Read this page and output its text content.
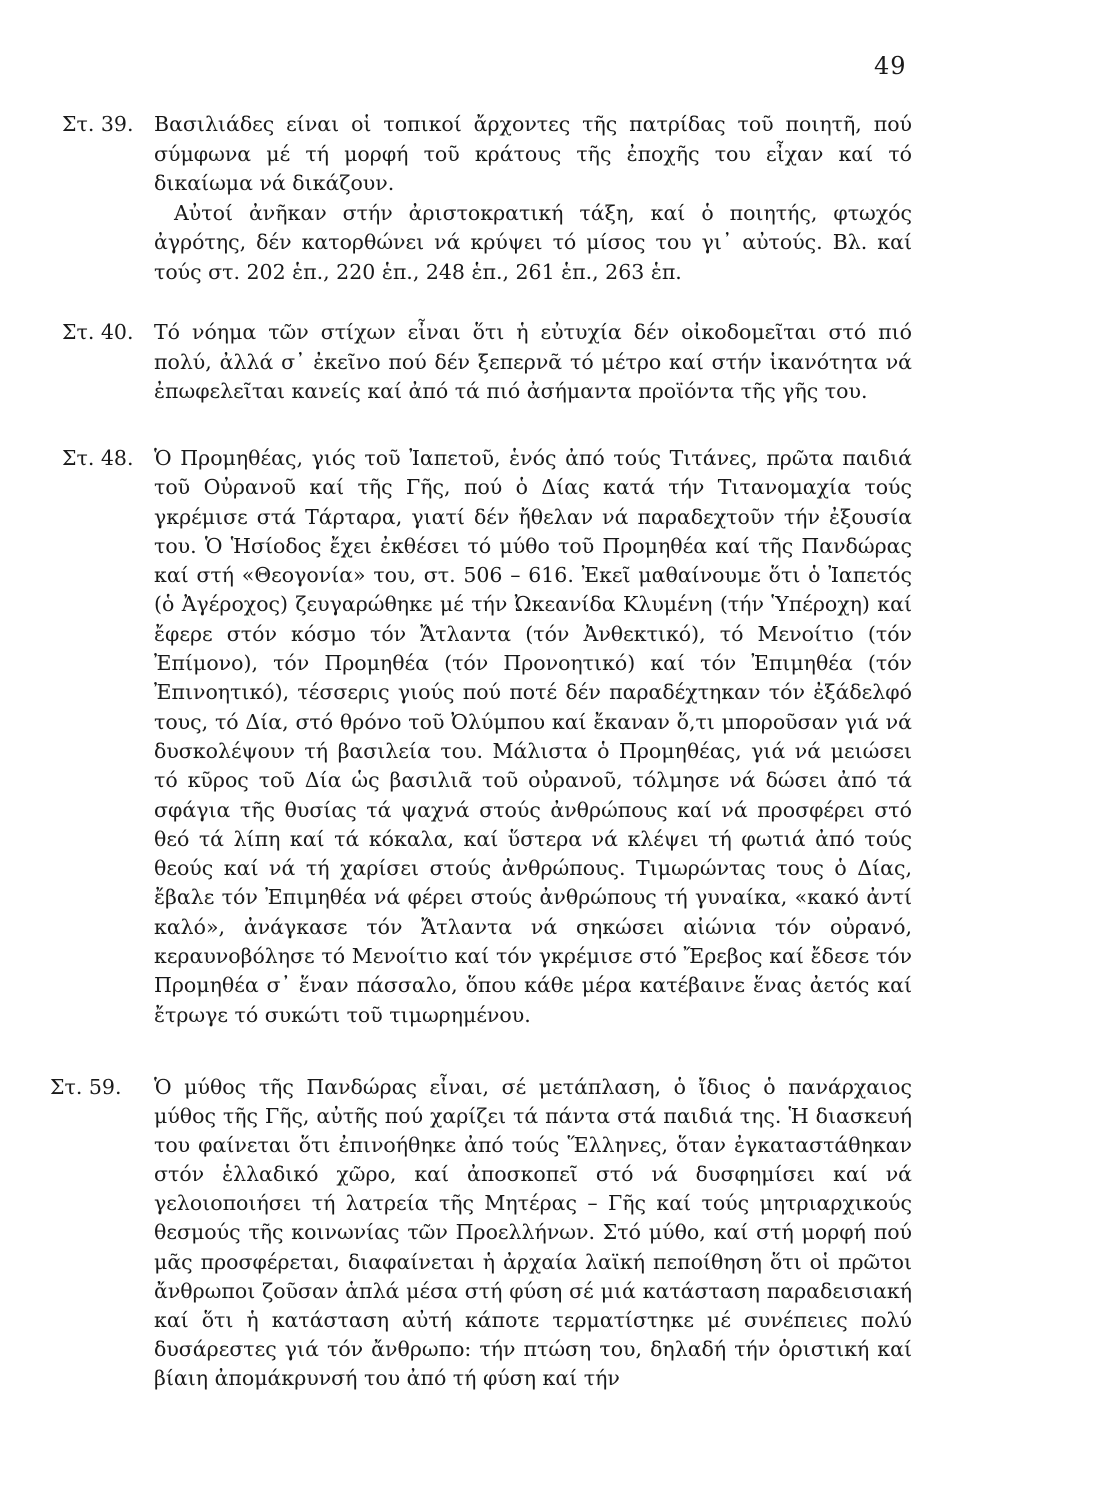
49
Στ. 39. Βασιλιάδες είναι οἱ τοπικοί ἄρχοντες τῆς πατρίδας τοῦ ποιητῆ, πού σύμφωνα μέ τή μορφή τοῦ κράτους τῆς ἐποχῆς του εἶχαν καί τό δικαίωμα νά δικάζουν.

Αὐτοί ἀνῆκαν στήν ἀριστοκρατική τάξη, καί ὁ ποιητής, φτωχός ἀγρότης, δέν κατορθώνει νά κρύψει τό μίσος του γι᾿ αὐτούς. Βλ. καί τούς στ. 202 ἑπ., 220 ἑπ., 248 ἑπ., 261 ἑπ., 263 ἑπ.

Στ. 40. Τό νόημα τῶν στίχων εἶναι ὅτι ἡ εὐτυχία δέν οἰκοδομεῖται στό πιό πολύ, ἀλλά σ᾿ ἐκεῖνο πού δέν ξεπερνᾶ τό μέτρο καί στήν ἱκανότητα νά ἐπωφελεῖται κανείς καί ἀπό τά πιό ἀσήμαντα προϊόντα τῆς γῆς του.

Στ. 48. Ὁ Προμηθέας, γιός τοῦ Ἰαπετοῦ, ἑνός ἀπό τούς Τιτάνες, πρῶτα παιδιά τοῦ Οὐρανοῦ καί τῆς Γῆς, πού ὁ Δίας κατά τήν Τιτανομαχία τούς γκρέμισε στά Τάρταρα, γιατί δέν ἤθελαν νά παραδεχτοῦν τήν ἐξουσία του. Ὁ Ἡσίοδος ἔχει ἐκθέσει τό μύθο τοῦ Προμηθέα καί τῆς Πανδώρας καί στή «Θεογονία» του, στ. 506 – 616. Ἐκεῖ μαθαίνουμε ὅτι ὁ Ἰαπετός (ὁ Ἀγέροχος) ζευγαρώθηκε μέ τήν Ὠκεανίδα Κλυμένη (τήν Ὑπέροχη) καί ἔφερε στόν κόσμο τόν Ἄτλαντα (τόν Ἀνθεκτικό), τό Μενοίτιο (τόν Ἐπίμονο), τόν Προμηθέα (τόν Προνοητικό) καί τόν Ἐπιμηθέα (τόν Ἐπινοητικό), τέσσερις γιούς πού ποτέ δέν παραδέχτηκαν τόν ἐξάδελφό τους, τό Δία, στό θρόνο τοῦ Ὀλύμπου καί ἔκαναν ὅ,τι μποροῦσαν γιά νά δυσκολέψουν τή βασιλεία του. Μάλιστα ὁ Προμηθέας, γιά νά μειώσει τό κῦρος τοῦ Δία ὡς βασιλιᾶ τοῦ οὐρανοῦ, τόλμησε νά δώσει ἀπό τά σφάγια τῆς θυσίας τά ψαχνά στούς ἀνθρώπους καί νά προσφέρει στό θεό τά λίπη καί τά κόκαλα, καί ὕστερα νά κλέψει τή φωτιά ἀπό τούς θεούς καί νά τή χαρίσει στούς ἀνθρώπους. Τιμωρώντας τους ὁ Δίας, ἔβαλε τόν Ἐπιμηθέα νά φέρει στούς ἀνθρώπους τή γυναίκα, «κακό ἀντί καλό», ἀνάγκασε τόν Ἄτλαντα νά σηκώσει αἰώνια τόν οὐρανό, κεραυνοβόλησε τό Μενοίτιο καί τόν γκρέμισε στό Ἔρεβος καί ἔδεσε τόν Προμηθέα σ᾿ ἕναν πάσσαλο, ὅπου κάθε μέρα κατέβαινε ἕνας ἀετός καί ἔτρωγε τό συκώτι τοῦ τιμωρημένου.

Στ. 59. Ὁ μύθος τῆς Πανδώρας εἶναι, σέ μετάπλαση, ὁ ἴδιος ὁ πανάρχαιος μύθος τῆς Γῆς, αὐτῆς πού χαρίζει τά πάντα στά παιδιά της. Ἡ διασκευή του φαίνεται ὅτι ἐπινοήθηκε ἀπό τούς Ἕλληνες, ὅταν ἐγκαταστάθηκαν στόν ἑλλαδικό χῶρο, καί ἀποσκοπεῖ στό νά δυσφημίσει καί νά γελοιοποιήσει τή λατρεία τῆς Μητέρας – Γῆς καί τούς μητριαρχικούς θεσμούς τῆς κοινωνίας τῶν Προελλήνων. Στό μύθο, καί στή μορφή πού μᾶς προσφέρεται, διαφαίνεται ἡ ἀρχαία λαϊκή πεποίθηση ὅτι οἱ πρῶτοι ἄνθρωποι ζοῦσαν ἁπλά μέσα στή φύση σέ μιά κατάσταση παραδεισιακή καί ὅτι ἡ κατάσταση αὐτή κάποτε τερματίστηκε μέ συνέπειες πολύ δυσάρεστες γιά τόν ἄνθρωπο: τήν πτώση του, δηλαδή τήν ὁριστική καί βίαιη ἀπομάκρυνσή του ἀπό τή φύση καί τήν
